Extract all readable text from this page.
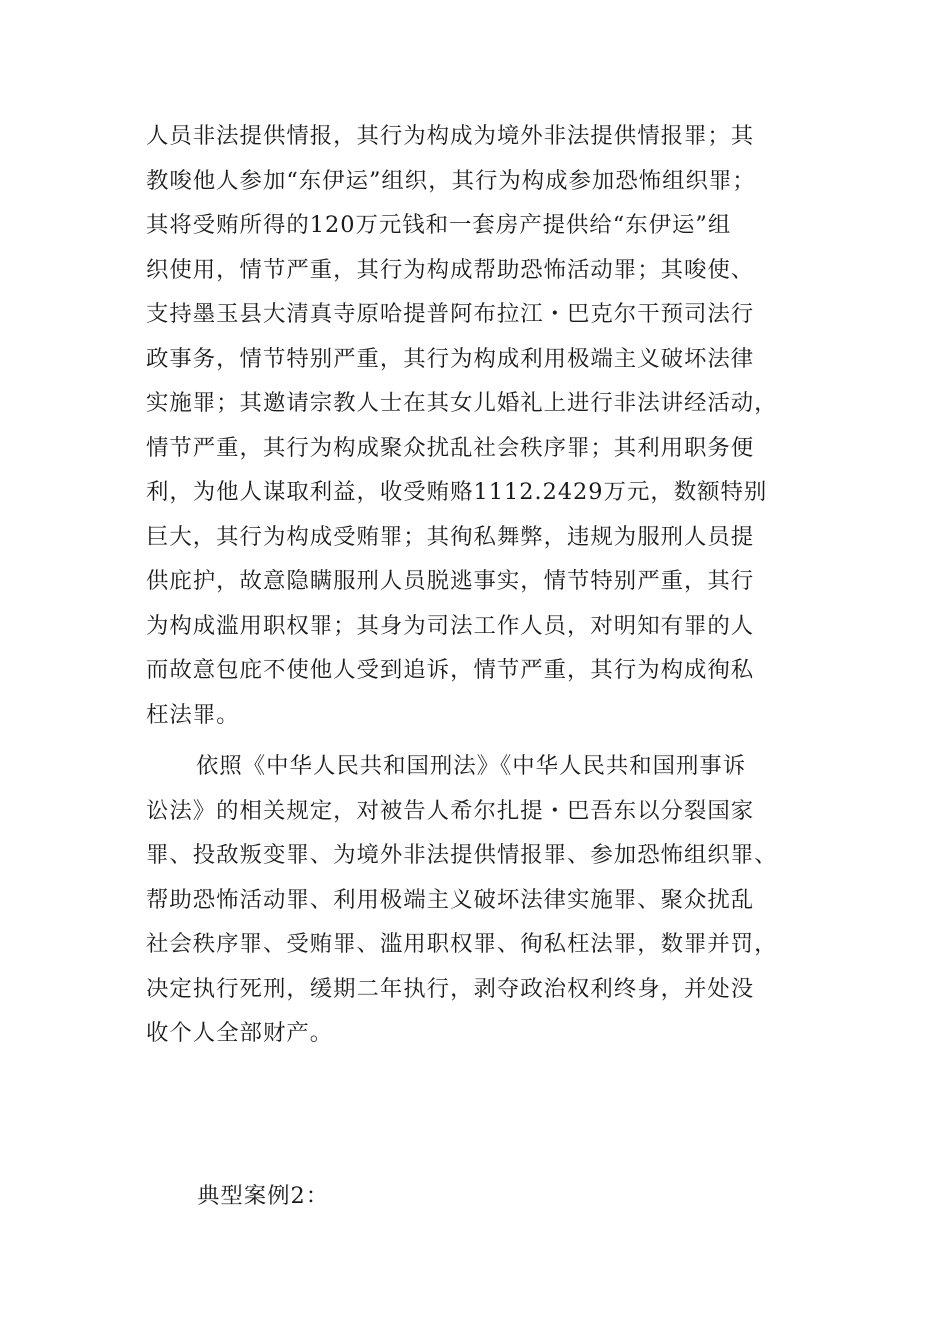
人员非法提供情报，其行为构成为境外非法提供情报罪；其
教唆他人参加“东伊运”组织，其行为构成参加恐怖组织罪；
其将受贿所得的120万元钱和一套房产提供给“东伊运”组
织使用，情节严重，其行为构成帮助恐怖活动罪；其唆使、
支持墨玉县大清真寺原哈提普阿布拉江・巴克尔干预司法行
政事务，情节特别严重，其行为构成利用极端主义破坏法律
实施罪；其邀请宗教人士在其女儿婚礼上进行非法讲经活动，
情节严重，其行为构成聚众扰乱社会秩序罪；其利用职务便
利，为他人谋取利益，收受贿赂1112.2429万元，数额特别
巨大，其行为构成受贿罪；其徇私舞弊，违规为服刑人员提
供庇护，故意隐瞒服刑人员脱逃事实，情节特别严重，其行
为构成滥用职权罪；其身为司法工作人员，对明知有罪的人
而故意包庇不使他人受到追诉，情节严重，其行为构成徇私
枉法罪。
依照《中华人民共和国刑法》《中华人民共和国刑事诉
讼法》的相关规定，对被告人希尔扎提・巴吾东以分裂国家
罪、投敌叛变罪、为境外非法提供情报罪、参加恐怖组织罪、
帮助恐怖活动罪、利用极端主义破坏法律实施罪、聚众扰乱
社会秩序罪、受贿罪、滥用职权罪、徇私枉法罪，数罪并罚，
决定执行死刑，缓期二年执行，剥夺政治权利终身，并处没
收个人全部财产。
典型案例2：
